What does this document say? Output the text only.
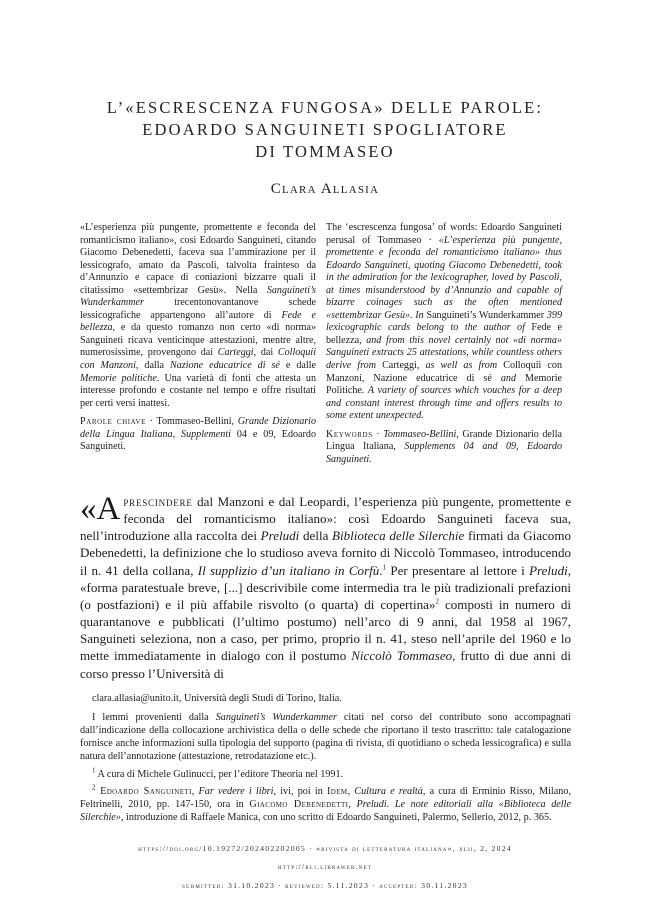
L’«ESCRESCENZA FUNGOSA» DELLE PAROLE:
EDOARDO SANGUINETI SPOGLIATORE
DI TOMMASEO
Clara Allasia

«L’esperienza più pungente, promettente e feconda del romanticismo italiano», così Edoardo Sanguineti, citando Giacomo Debenedetti, faceva sua l’ammirazione per il lessicografo, amato da Pascoli, talvolta frainteso da d’Annunzio e capace di coniazioni bizzarre quali il citatissimo «settembrizar Gesù». Nella Sanguineti’s Wunderkammer trecentonovantanove schede lessicografiche appartengono all’autore di Fede e bellezza, e da questo romanzo non certo «di norma» Sanguineti ricava venticinque attestazioni, mentre altre, numerosissime, provengono dai Carteggi, dai Colloquii con Manzoni, dalla Nazione educatrice di sé e dalle Memorie politiche. Una varietà di fonti che attesta un interesse profondo e costante nel tempo e offre risultati per certi versi inattesi.

Parole chiave · Tommaseo-Bellini, Grande Dizionario della Lingua Italiana, Supplementi 04 e 09, Edoardo Sanguineti.

The ‘escrescenza fungosa’ of words: Edoardo Sanguineti perusal of Tommaseo · «L’esperienza più pungente, promettente e feconda del romanticismo italiano» thus Edoardo Sanguineti, quoting Giacomo Debenedetti, took in the admiration for the lexicographer, loved by Pascoli, at times misunderstood by d’Annunzio and capable of bizarre coinages such as the often mentioned «settembrizar Gesù». In Sanguineti’s Wunderkammer 399 lexicographic cards belong to the author of Fede e bellezza, and from this novel certainly not «di norma» Sanguineti extracts 25 attestations, while countless others derive from Carteggi, as well as from Colloquii con Manzoni, Nazione educatrice di sé and Memorie Politiche. A variety of sources which vouches for a deep and constant interest through time and offers results to some extent unexpected.

Keywords · Tommaseo-Bellini, Grande Dizionario della Lingua Italiana, Supplements 04 and 09, Edoardo Sanguineti.

«Aprescindere dal Manzoni e dal Leopardi, l’esperienza più pungente, promettente e feconda del romanticismo italiano»: così Edoardo Sanguineti faceva sua, nell’introduzione alla raccolta dei Preludi della Biblioteca delle Silerchie firmati da Giacomo Debenedetti, la definizione che lo studioso aveva fornito di Niccolò Tommaseo, introducendo il n. 41 della collana, Il supplizio d’un italiano in Corfù.$^1$ Per presentare al lettore i Preludi, «forma paratestuale breve, [...] descrivibile come intermedia tra le più tradizionali prefazioni (o postfazioni) e il più affabile risvolto (o quarta) di copertina»$^2$ composti in numero di quarantanove e pubblicati (l’ultimo postumo) nell’arco di 9 anni, dal 1958 al 1967, Sanguineti seleziona, non a caso, per primo, proprio il n. 41, steso nell’aprile del 1960 e lo mette immediatamente in dialogo con il postumo Niccolò Tommaseo, frutto di due anni di corso presso l’Università di

clara.allasia@unito.it, Università degli Studi di Torino, Italia.

I lemmi provenienti dalla Sanguineti’s Wunderkammer citati nel corso del contributo sono accompagnati dall’indicazione della collocazione archivistica della o delle schede che riportano il testo trascritto: tale catalogazione fornisce anche informazioni sulla tipologia del supporto (pagina di rivista, di quotidiano o scheda lessicografica) e sulla natura dell’annotazione (attestazione, retrodatazione etc.).

$^1$ A cura di Michele Gulinucci, per l’editore Theoria nel 1991.

$^2$ Edoardo Sanguineti, Far vedere i libri, ivi, poi in Idem, Cultura e realtà, a cura di Erminio Risso, Milano, Feltrinelli, 2010, pp. 147-150, ora in Giacomo Debenedetti, Preludi. Le note editoriali alla «Biblioteca delle Silerchie», introduzione di Raffaele Manica, con uno scritto di Edoardo Sanguineti, Palermo, Sellerio, 2012, p. 365.

https://doi.org/10.19272/202402202005 · «rivista di letteratura italiana», xlii, 2, 2024
http://rli.libraweb.net
submitted: 31.10.2023 · reviewed: 5.11.2023 · accepted: 30.11.2023
